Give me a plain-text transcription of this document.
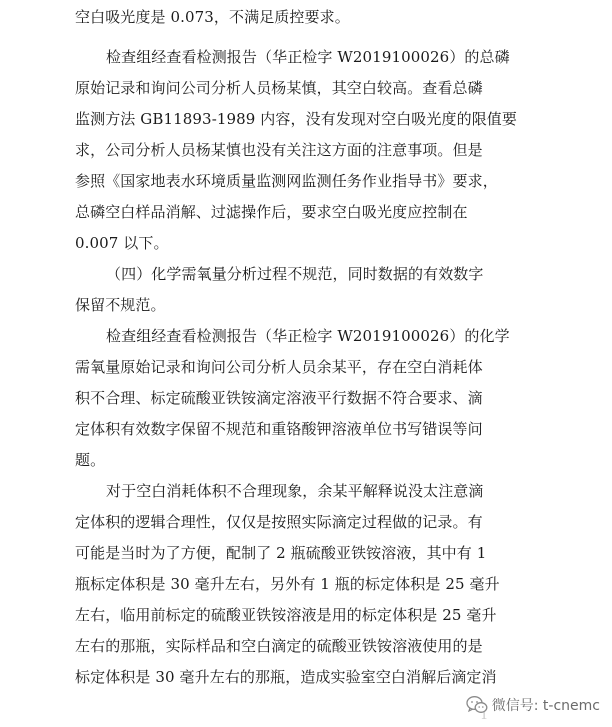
空白吸光度是 0.073，不满足质控要求。
检查组经查看检测报告（华正检字 W2019100026）的总磷
原始记录和询问公司分析人员杨某慎，其空白较高。查看总磷
监测方法 GB11893-1989 内容，没有发现对空白吸光度的限值要
求，公司分析人员杨某慎也没有关注这方面的注意事项。但是
参照《国家地表水环境质量监测网监测任务作业指导书》要求，
总磷空白样品消解、过滤操作后，要求空白吸光度应控制在
0.007 以下。
（四）化学需氧量分析过程不规范，同时数据的有效数字
保留不规范。
检查组经查看检测报告（华正检字 W2019100026）的化学
需氧量原始记录和询问公司分析人员余某平，存在空白消耗体
积不合理、标定硫酸亚铁铵滴定溶液平行数据不符合要求、滴
定体积有效数字保留不规范和重铬酸钾溶液单位书写错误等问
题。
对于空白消耗体积不合理现象，余某平解释说没太注意滴
定体积的逻辑合理性，仅仅是按照实际滴定过程做的记录。有
可能是当时为了方便，配制了 2 瓶硫酸亚铁铵溶液，其中有 1
瓶标定体积是 30 毫升左右，另外有 1 瓶的标定体积是 25 毫升
左右，临用前标定的硫酸亚铁铵溶液是用的标定体积是 25 毫升
左右的那瓶，实际样品和空白滴定的硫酸亚铁铵溶液使用的是
标定体积是 30 毫升左右的那瓶，造成实验室空白消解后滴定消
微信号: t-cnemc
